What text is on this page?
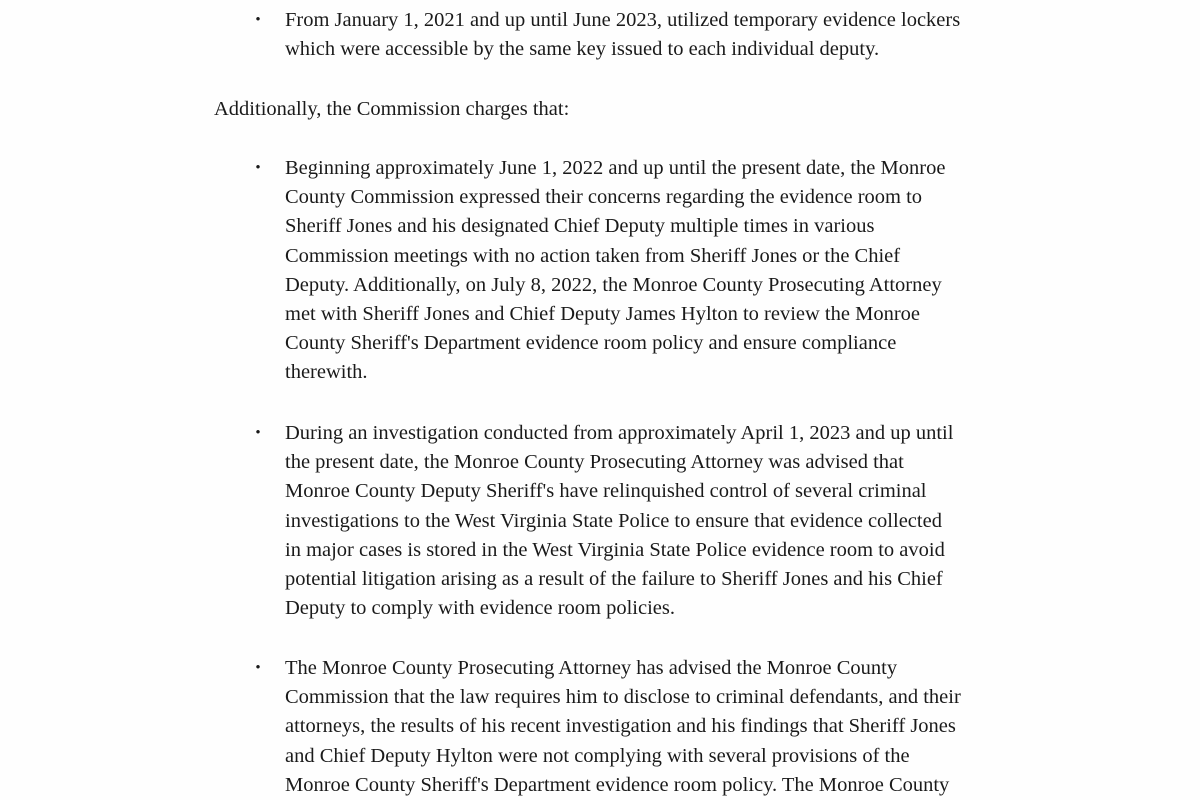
•	From January 1, 2021 and up until June 2023, utilized temporary evidence lockers
which were accessible by the same key issued to each individual deputy.

Additionally, the Commission charges that:

•	Beginning approximately June 1, 2022 and up until the present date, the Monroe
County Commission expressed their concerns regarding the evidence room to
Sheriff Jones and his designated Chief Deputy multiple times in various
Commission meetings with no action taken from Sheriff Jones or the Chief
Deputy. Additionally, on July 8, 2022, the Monroe County Prosecuting Attorney
met with Sheriff Jones and Chief Deputy James Hylton to review the Monroe
County Sheriff's Department evidence room policy and ensure compliance
therewith.

•	During an investigation conducted from approximately April 1, 2023 and up until
the present date, the Monroe County Prosecuting Attorney was advised that
Monroe County Deputy Sheriff's have relinquished control of several criminal
investigations to the West Virginia State Police to ensure that evidence collected
in major cases is stored in the West Virginia State Police evidence room to avoid
potential litigation arising as a result of the failure to Sheriff Jones and his Chief
Deputy to comply with evidence room policies.

•	The Monroe County Prosecuting Attorney has advised the Monroe County
Commission that the law requires him to disclose to criminal defendants, and their
attorneys, the results of his recent investigation and his findings that Sheriff Jones
and Chief Deputy Hylton were not complying with several provisions of the
Monroe County Sheriff's Department evidence room policy. The Monroe County
